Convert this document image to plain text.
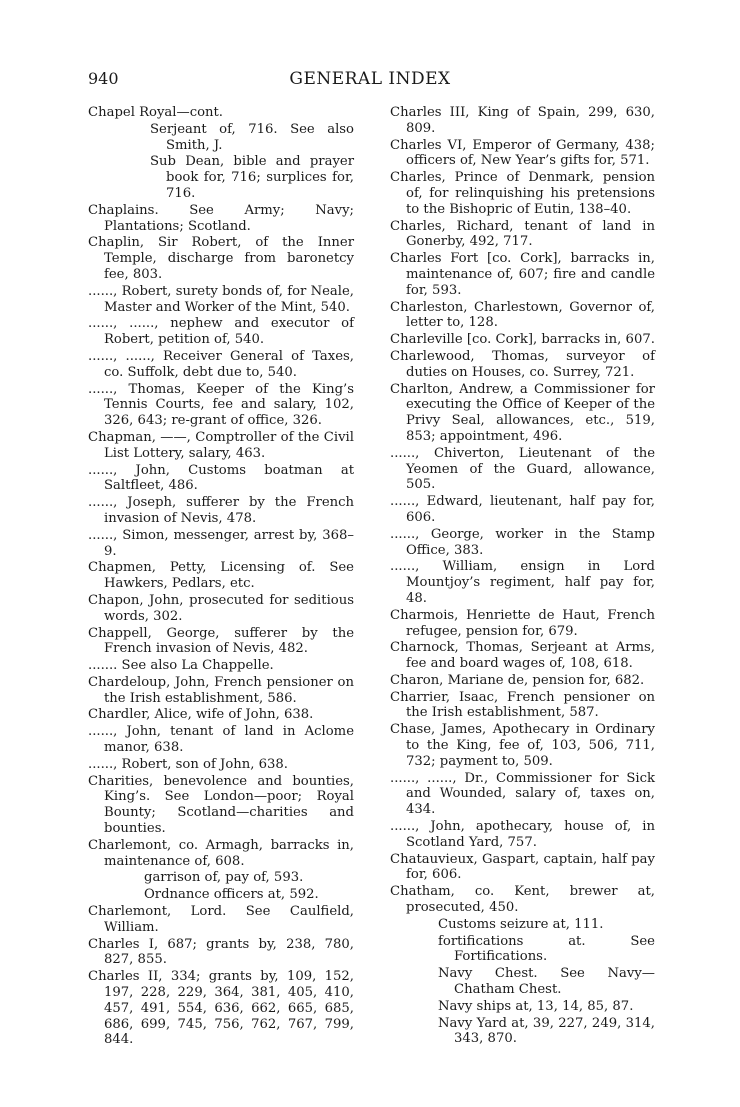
940	GENERAL INDEX
Chapel Royal—cont.
Serjeant of, 716. See also Smith, J.
Sub Dean, bible and prayer book for, 716; surplices for, 716.
Chaplains. See Army; Navy; Plantations; Scotland.
Chaplin, Sir Robert, of the Inner Temple, discharge from baronetcy fee, 803.
......, Robert, surety bonds of, for Neale, Master and Worker of the Mint, 540.
......, ......, nephew and executor of Robert, petition of, 540.
......, ......, Receiver General of Taxes, co. Suffolk, debt due to, 540.
......, Thomas, Keeper of the King’s Tennis Courts, fee and salary, 102, 326, 643; re-grant of office, 326.
Chapman, ——, Comptroller of the Civil List Lottery, salary, 463.
......, John, Customs boatman at Saltfleet, 486.
......, Joseph, sufferer by the French invasion of Nevis, 478.
......, Simon, messenger, arrest by, 368–9.
Chapmen, Petty, Licensing of. See Hawkers, Pedlars, etc.
Chapon, John, prosecuted for seditious words, 302.
Chappell, George, sufferer by the French invasion of Nevis, 482.
....... See also La Chappelle.
Chardeloup, John, French pensioner on the Irish establishment, 586.
Chardler, Alice, wife of John, 638.
......, John, tenant of land in Aclome manor, 638.
......, Robert, son of John, 638.
Charities, benevolence and bounties, King’s. See London—poor; Royal Bounty; Scotland—charities and bounties.
Charlemont, co. Armagh, barracks in, maintenance of, 608.
garrison of, pay of, 593.
Ordnance officers at, 592.
Charlemont, Lord. See Caulfield, William.
Charles I, 687; grants by, 238, 780, 827, 855.
Charles II, 334; grants by, 109, 152, 197, 228, 229, 364, 381, 405, 410, 457, 491, 554, 636, 662, 665, 685, 686, 699, 745, 756, 762, 767, 799, 844.
Charles III, King of Spain, 299, 630, 809.
Charles VI, Emperor of Germany, 438; officers of, New Year’s gifts for, 571.
Charles, Prince of Denmark, pension of, for relinquishing his pretensions to the Bishopric of Eutin, 138–40.
Charles, Richard, tenant of land in Gonerby, 492, 717.
Charles Fort [co. Cork], barracks in, maintenance of, 607; fire and candle for, 593.
Charleston, Charlestown, Governor of, letter to, 128.
Charleville [co. Cork], barracks in, 607.
Charlewood, Thomas, surveyor of duties on Houses, co. Surrey, 721.
Charlton, Andrew, a Commissioner for executing the Office of Keeper of the Privy Seal, allowances, etc., 519, 853; appointment, 496.
......, Chiverton, Lieutenant of the Yeomen of the Guard, allowance, 505.
......, Edward, lieutenant, half pay for, 606.
......, George, worker in the Stamp Office, 383.
......, William, ensign in Lord Mountjoy’s regiment, half pay for, 48.
Charmois, Henriette de Haut, French refugee, pension for, 679.
Charnock, Thomas, Serjeant at Arms, fee and board wages of, 108, 618.
Charon, Mariane de, pension for, 682.
Charrier, Isaac, French pensioner on the Irish establishment, 587.
Chase, James, Apothecary in Ordinary to the King, fee of, 103, 506, 711, 732; payment to, 509.
......, ......, Dr., Commissioner for Sick and Wounded, salary of, taxes on, 434.
......, John, apothecary, house of, in Scotland Yard, 757.
Chatauvieux, Gaspart, captain, half pay for, 606.
Chatham, co. Kent, brewer at, prosecuted, 450.
Customs seizure at, 111.
fortifications at. See Fortifications.
Navy Chest. See Navy—Chatham Chest.
Navy ships at, 13, 14, 85, 87.
Navy Yard at, 39, 227, 249, 314, 343, 870.
